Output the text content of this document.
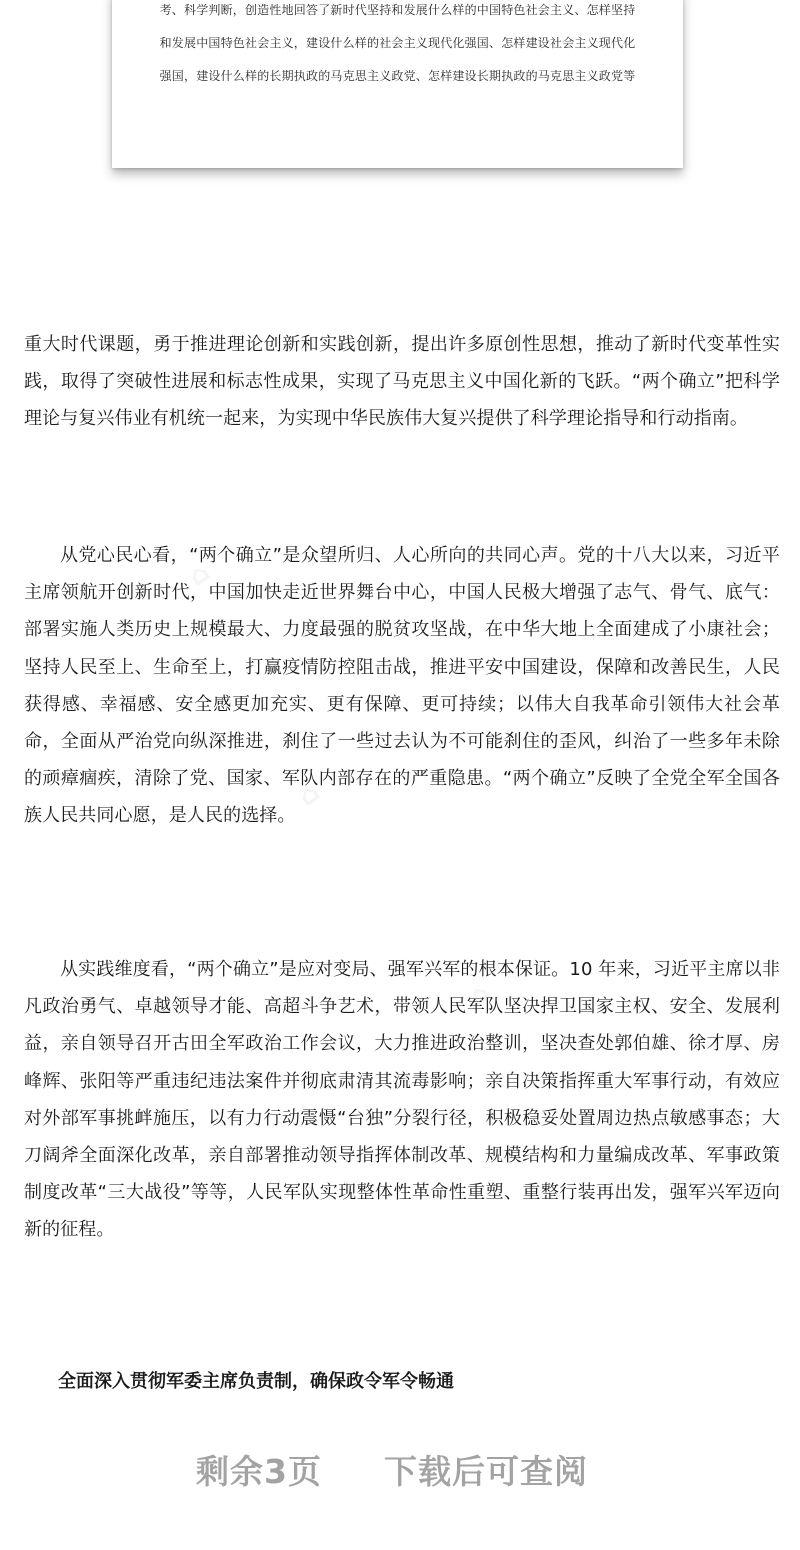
考、科学判断，创造性地回答了新时代坚持和发展什么样的中国特色社会主义、怎样坚持
和发展中国特色社会主义，建设什么样的社会主义现代化强国、怎样建设社会主义现代化
强国，建设什么样的长期执政的马克思主义政党、怎样建设长期执政的马克思主义政党等

重大时代课题，勇于推进理论创新和实践创新，提出许多原创性思想，推动了新时代变革性实践，取得了突破性进展和标志性成果，实现了马克思主义中国化新的飞跃。“两个确立”把科学理论与复兴伟业有机统一起来，为实现中华民族伟大复兴提供了科学理论指导和行动指南。

从党心民心看，“两个确立”是众望所归、人心所向的共同心声。党的十八大以来，习近平主席领航开创新时代，中国加快走近世界舞台中心，中国人民极大增强了志气、骨气、底气：部署实施人类历史上规模最大、力度最强的脱贫攻坚战，在中华大地上全面建成了小康社会；坚持人民至上、生命至上，打赢疫情防控阻击战，推进平安中国建设，保障和改善民生，人民获得感、幸福感、安全感更加充实、更有保障、更可持续；以伟大自我革命引领伟大社会革命，全面从严治党向纵深推进，刹住了一些过去认为不可能刹住的歪风，纠治了一些多年未除的顽瘴痼疾，清除了党、国家、军队内部存在的严重隐患。“两个确立”反映了全党全军全国各族人民共同心愿，是人民的选择。

从实践维度看，“两个确立”是应对变局、强军兴军的根本保证。10 年来，习近平主席以非凡政治勇气、卓越领导才能、高超斗争艺术，带领人民军队坚决捍卫国家主权、安全、发展利益，亲自领导召开古田全军政治工作会议，大力推进政治整训，坚决查处郭伯雄、徐才厚、房峰辉、张阳等严重违纪违法案件并彻底肃清其流毒影响；亲自决策指挥重大军事行动，有效应对外部军事挑衅施压，以有力行动震慑“台独”分裂行径，积极稳妥处置周边热点敏感事态；大刀阔斧全面深化改革，亲自部署推动领导指挥体制改革、规模结构和力量编成改革、军事政策制度改革“三大战役”等等，人民军队实现整体性革命性重塑、重整行装再出发，强军兴军迈向新的征程。

全面深入贯彻军委主席负责制，确保政令军令畅通
剩余3页 下载后可查阅
